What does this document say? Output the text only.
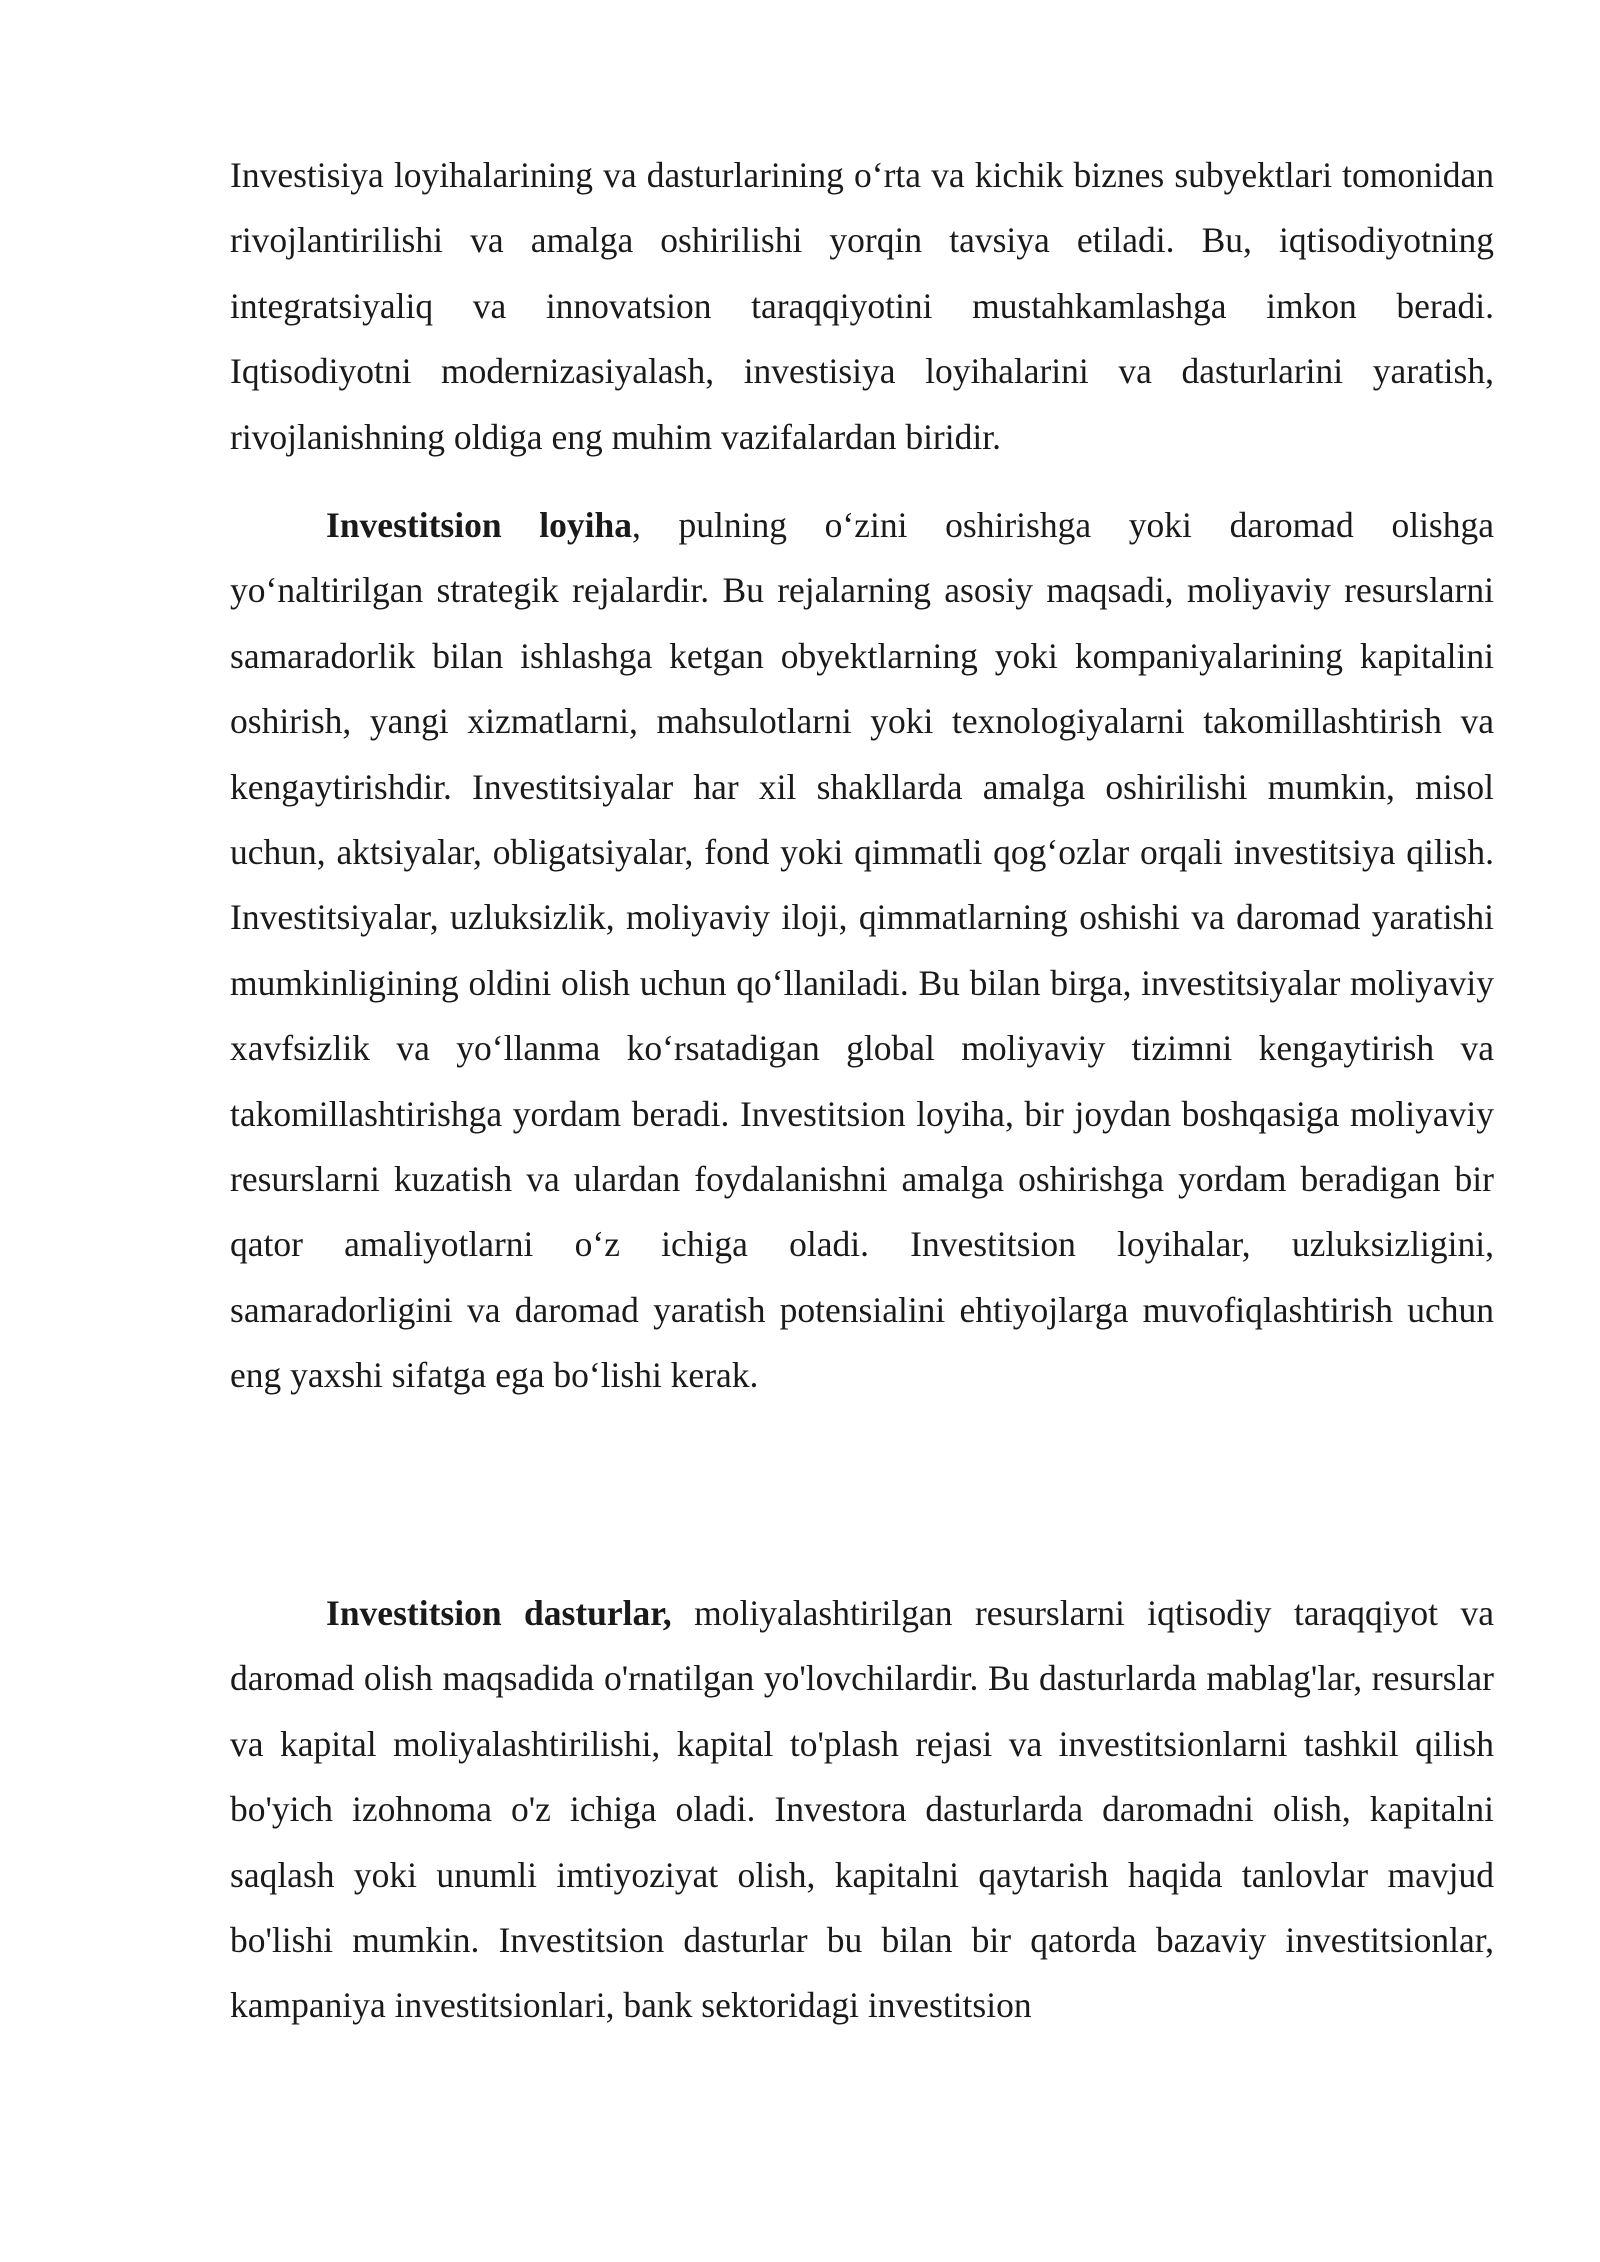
Investisiya loyihalarining va dasturlarining o‘rta va kichik biznes subyektlari tomonidan rivojlantirilishi va amalga oshirilishi yorqin tavsiya etiladi. Bu, iqtisodiyotning integratsiyaliq va innovatsion taraqqiyotini mustahkamlashga imkon beradi. Iqtisodiyotni modernizasiyalash, investisiya loyihalarini va dasturlarini yaratish, rivojlanishning oldiga eng muhim vazifalardan biridir.

Investitsion loyiha, pulning o‘zini oshirishga yoki daromad olishga yo‘naltirilgan strategik rejalardir. Bu rejalarning asosiy maqsadi, moliyaviy resurslarni samaradorlik bilan ishlashga ketgan obyektlarning yoki kompaniyalarining kapitalini oshirish, yangi xizmatlarni, mahsulotlarni yoki texnologiyalarni takomillashtirish va kengaytirishdir. Investitsiyalar har xil shakllarda amalga oshirilishi mumkin, misol uchun, aktsiyalar, obligatsiyalar, fond yoki qimmatli qog‘ozlar orqali investitsiya qilish. Investitsiyalar, uzluksizlik, moliyaviy iloji, qimmatlarning oshishi va daromad yaratishi mumkinligining oldini olish uchun qo‘llaniladi. Bu bilan birga, investitsiyalar moliyaviy xavfsizlik va yo‘llanma ko‘rsatadigan global moliyaviy tizimni kengaytirish va takomillashtirishga yordam beradi. Investitsion loyiha, bir joydan boshqasiga moliyaviy resurslarni kuzatish va ulardan foydalanishni amalga oshirishga yordam beradigan bir qator amaliyotlarni o‘z ichiga oladi. Investitsion loyihalar, uzluksizligini, samaradorligini va daromad yaratish potensialini ehtiyojlarga muvofiqlashtirish uchun eng yaxshi sifatga ega bo‘lishi kerak.

Investitsion dasturlar, moliyalashtirilgan resurslarni iqtisodiy taraqqiyot va daromad olish maqsadida o'rnatilgan yo'lovchilardir. Bu dasturlarda mablag'lar, resurslar va kapital moliyalashtirilishi, kapital to'plash rejasi va investitsionlarni tashkil qilish bo'yich izohnoma o'z ichiga oladi. Investora dasturlarda daromadni olish, kapitalni saqlash yoki unumli imtiyoziyat olish, kapitalni qaytarish haqida tanlovlar mavjud bo'lishi mumkin. Investitsion dasturlar bu bilan bir qatorda bazaviy investitsionlar, kampaniya investitsionlari, bank sektoridagi investitsion
